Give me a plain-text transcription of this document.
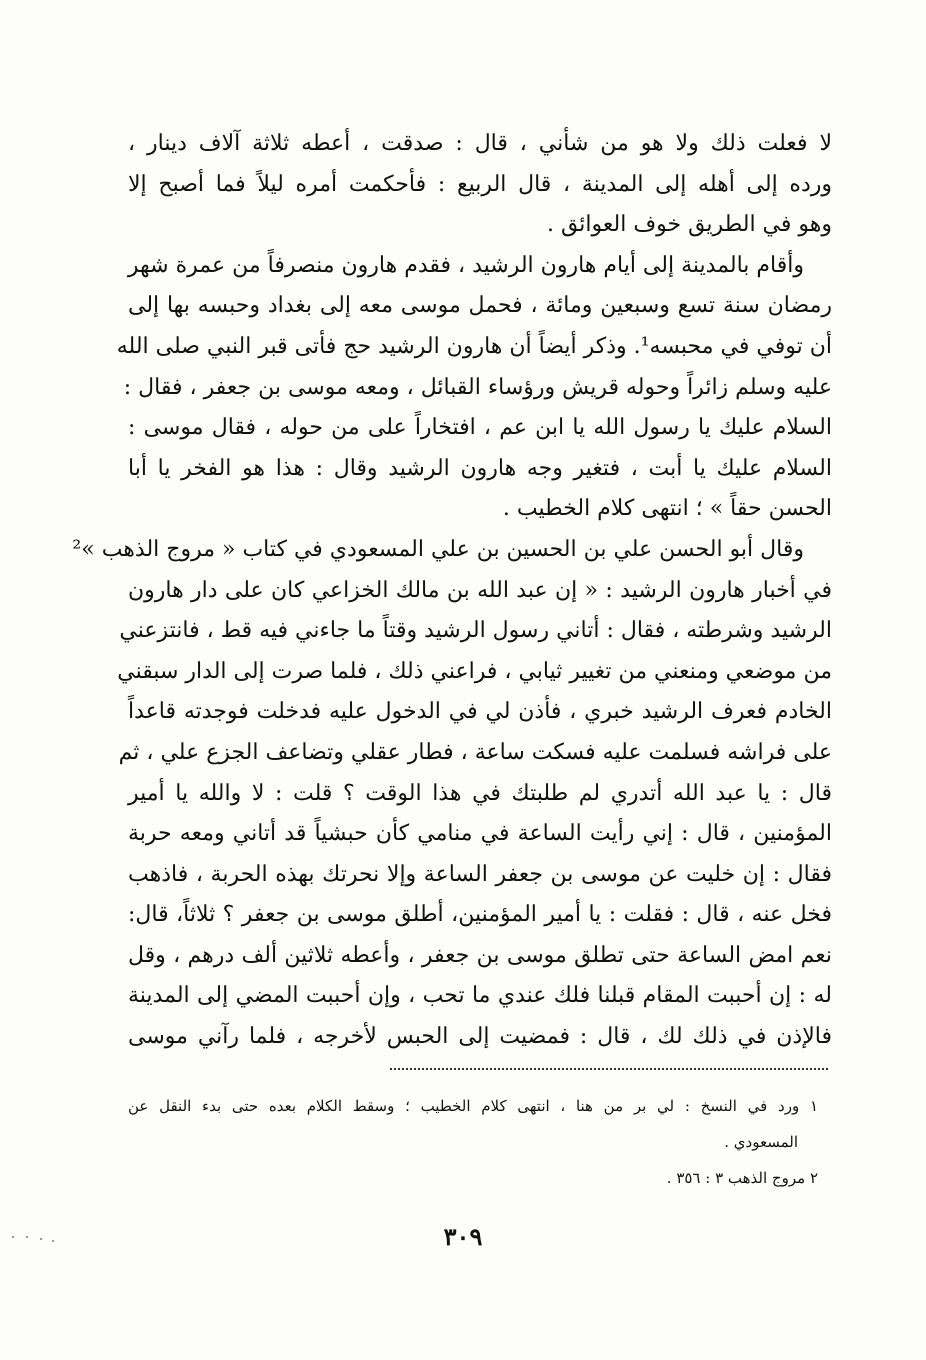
لا فعلت ذلك ولا هو من شأني ، قال : صدقت ، أعطه ثلاثة آلاف دينار ،
ورده إلى أهله إلى المدينة ، قال الربيع : فأحكمت أمره ليلاً فما أصبح إلا
وهو في الطريق خوف العوائق .
وأقام بالمدينة إلى أيام هارون الرشيد ، فقدم هارون منصرفاً من عمرة شهر
رمضان سنة تسع وسبعين ومائة ، فحمل موسى معه إلى بغداد وحبسه بها إلى
أن توفي في محبسه¹. وذكر أيضاً أن هارون الرشيد حج فأتى قبر النبي صلى الله
عليه وسلم زائراً وحوله قريش ورؤساء القبائل ، ومعه موسى بن جعفر ، فقال :
السلام عليك يا رسول الله يا ابن عم ، افتخاراً على من حوله ، فقال موسى :
السلام عليك يا أبت ، فتغير وجه هارون الرشيد وقال : هذا هو الفخر يا أبا
الحسن حقاً » ؛ انتهى كلام الخطيب .
وقال أبو الحسن علي بن الحسين بن علي المسعودي في كتاب « مروج الذهب »²
في أخبار هارون الرشيد : « إن عبد الله بن مالك الخزاعي كان على دار هارون
الرشيد وشرطته ، فقال : أتاني رسول الرشيد وقتاً ما جاءني فيه قط ، فانتزعني
من موضعي ومنعني من تغيير ثيابي ، فراعني ذلك ، فلما صرت إلى الدار سبقني
الخادم فعرف الرشيد خبري ، فأذن لي في الدخول عليه فدخلت فوجدته قاعداً
على فراشه فسلمت عليه فسكت ساعة ، فطار عقلي وتضاعف الجزع علي ، ثم
قال : يا عبد الله أتدري لم طلبتك في هذا الوقت ؟ قلت : لا والله يا أمير
المؤمنين ، قال : إني رأيت الساعة في منامي كأن حبشياً قد أتاني ومعه حربة
فقال : إن خليت عن موسى بن جعفر الساعة وإلا نحرتك بهذه الحربة ، فاذهب
فخل عنه ، قال : فقلت : يا أمير المؤمنين، أطلق موسى بن جعفر ؟ ثلاثاً، قال:
نعم امض الساعة حتى تطلق موسى بن جعفر ، وأعطه ثلاثين ألف درهم ، وقل
له : إن أحببت المقام قبلنا فلك عندي ما تحب ، وإن أحببت المضي إلى المدينة
فالإذن في ذلك لك ، قال : فمضيت إلى الحبس لأخرجه ، فلما رآني موسى
١ ورد في النسخ : لي بر من هنا ، انتهى كلام الخطيب ؛ وسقط الكلام بعده حتى بدء النقل عن
المسعودي .
٢ مروج الذهب ٣ : ٣٥٦ .
٣٠٩
